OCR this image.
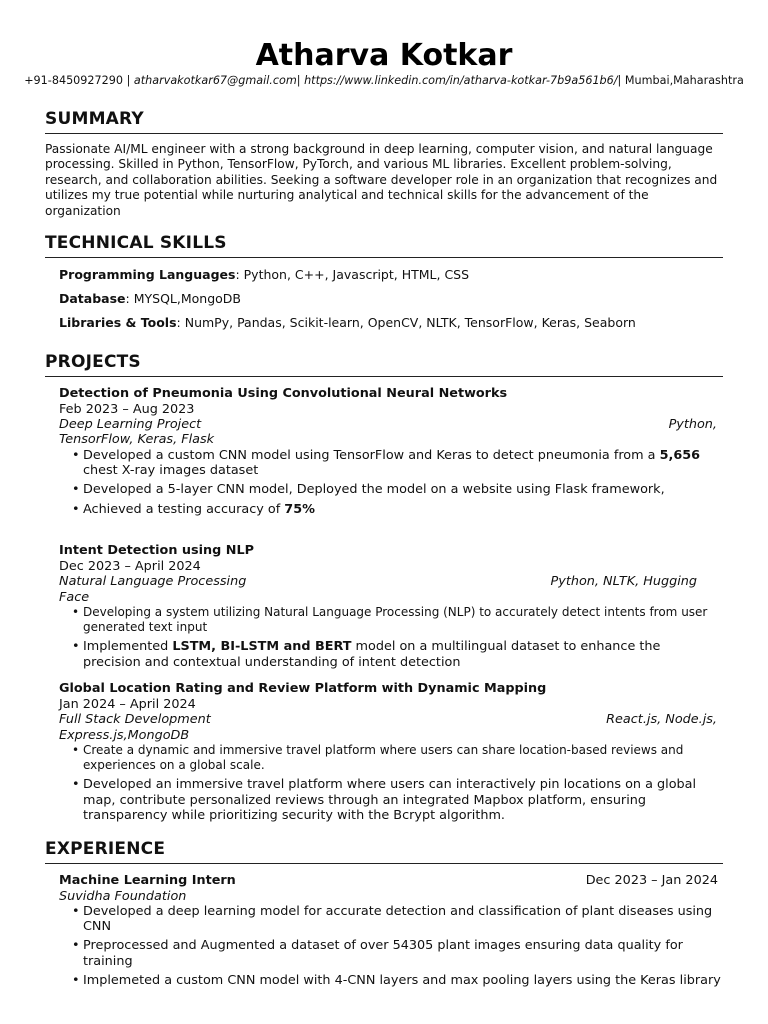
Atharva Kotkar
+91-8450927290 | atharvakotkar67@gmail.com| https://www.linkedin.com/in/atharva-kotkar-7b9a561b6/| Mumbai,Maharashtra
SUMMARY
Passionate AI/ML engineer with a strong background in deep learning, computer vision, and natural language processing. Skilled in Python, TensorFlow, PyTorch, and various ML libraries. Excellent problem-solving, research, and collaboration abilities. Seeking a software developer role in an organization that recognizes and utilizes my true potential while nurturing analytical and technical skills for the advancement of the organization
TECHNICAL SKILLS
Programming Languages: Python, C++, Javascript, HTML, CSS
Database: MYSQL,MongoDB
Libraries & Tools: NumPy, Pandas, Scikit-learn, OpenCV, NLTK, TensorFlow, Keras, Seaborn
PROJECTS
Detection of Pneumonia Using Convolutional Neural Networks
Feb 2023 – Aug 2023
Deep Learning Project	Python,
TensorFlow, Keras, Flask
• Developed a custom CNN model using TensorFlow and Keras to detect pneumonia from a 5,656 chest X-ray images dataset
• Developed a 5-layer CNN model, Deployed the model on a website using Flask framework,
• Achieved a testing accuracy of 75%
Intent Detection using NLP
Dec 2023 – April 2024
Natural Language Processing	Python, NLTK, Hugging
Face
• Developing a system utilizing Natural Language Processing (NLP) to accurately detect intents from user generated text input
• Implemented LSTM, BI-LSTM and BERT model on a multilingual dataset to enhance the precision and contextual understanding of intent detection
Global Location Rating and Review Platform with Dynamic Mapping
Jan 2024 – April 2024
Full Stack Development	React.js, Node.js,
Express.js,MongoDB
• Create a dynamic and immersive travel platform where users can share location-based reviews and experiences on a global scale.
• Developed an immersive travel platform where users can interactively pin locations on a global map, contribute personalized reviews through an integrated Mapbox platform, ensuring transparency while prioritizing security with the Bcrypt algorithm.
EXPERIENCE
Machine Learning Intern	Dec 2023 – Jan 2024
Suvidha Foundation
• Developed a deep learning model for accurate detection and classification of plant diseases using CNN
• Preprocessed and Augmented a dataset of over 54305 plant images ensuring data quality for training
• Implemeted a custom CNN model with 4-CNN layers and max pooling layers using the Keras library
